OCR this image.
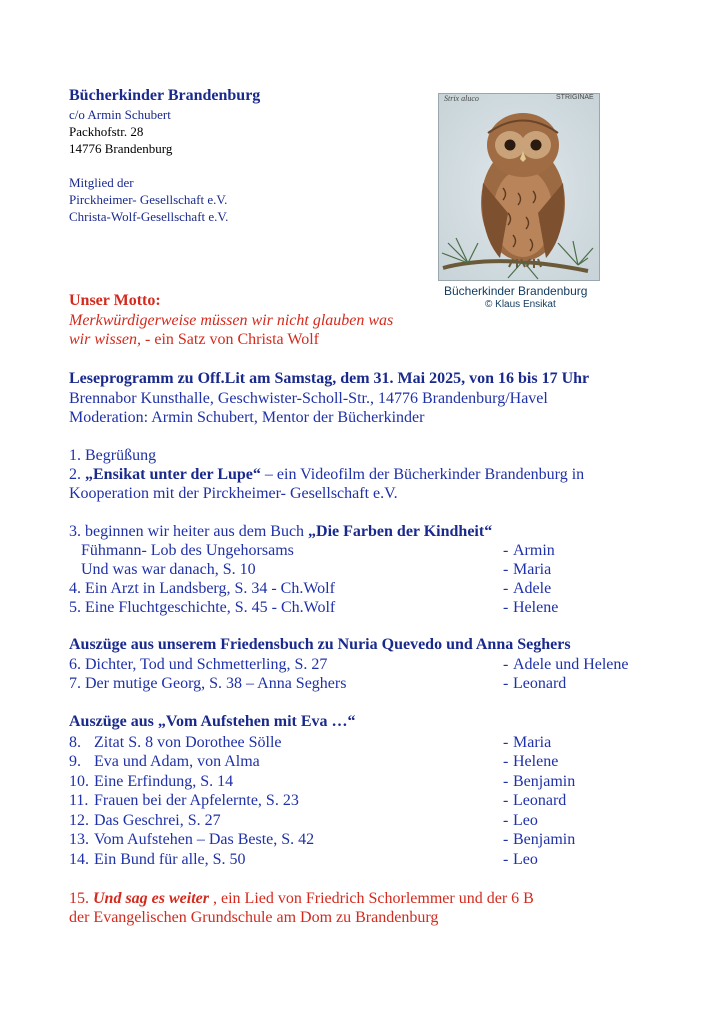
Bücherkinder Brandenburg
c/o Armin Schubert
Packhofstr. 28
14776 Brandenburg
Mitglied der
Pirckheimer- Gesellschaft e.V.
Christa-Wolf-Gesellschaft e.V.
Strix aluco	STRIGINAE
Bücherkinder Brandenburg
© Klaus Ensikat
Unser Motto:
Merkwürdigerweise müssen wir nicht glauben was
wir wissen, - ein Satz von Christa Wolf
Leseprogramm zu Off.Lit am Samstag, dem 31. Mai 2025, von 16 bis 17 Uhr
Brennabor Kunsthalle, Geschwister-Scholl-Str., 14776 Brandenburg/Havel
Moderation: Armin Schubert, Mentor der Bücherkinder
1. Begrüßung
2. „Ensikat unter der Lupe“ – ein Videofilm der Bücherkinder Brandenburg in
Kooperation mit der Pirckheimer- Gesellschaft e.V.
3. beginnen wir heiter aus dem Buch „Die Farben der Kindheit“
Fühmann- Lob des Ungehorsams	- Armin
Und was war danach, S. 10	- Maria
4. Ein Arzt in Landsberg, S. 34 - Ch.Wolf	- Adele
5. Eine Fluchtgeschichte, S. 45 - Ch.Wolf	- Helene
Auszüge aus unserem Friedensbuch zu Nuria Quevedo und Anna Seghers
6. Dichter, Tod und Schmetterling, S. 27	- Adele und Helene
7. Der mutige Georg, S. 38 – Anna Seghers	- Leonard
Auszüge aus „Vom Aufstehen mit Eva …“
8. Zitat S. 8 von Dorothee Sölle	- Maria
9. Eva und Adam, von Alma	- Helene
10. Eine Erfindung, S. 14	- Benjamin
11. Frauen bei der Apfelernte, S. 23	- Leonard
12. Das Geschrei, S. 27	- Leo
13. Vom Aufstehen – Das Beste, S. 42	- Benjamin
14. Ein Bund für alle, S. 50	- Leo
15. Und sag es weiter , ein Lied von Friedrich Schorlemmer und der 6 B
der Evangelischen Grundschule am Dom zu Brandenburg
